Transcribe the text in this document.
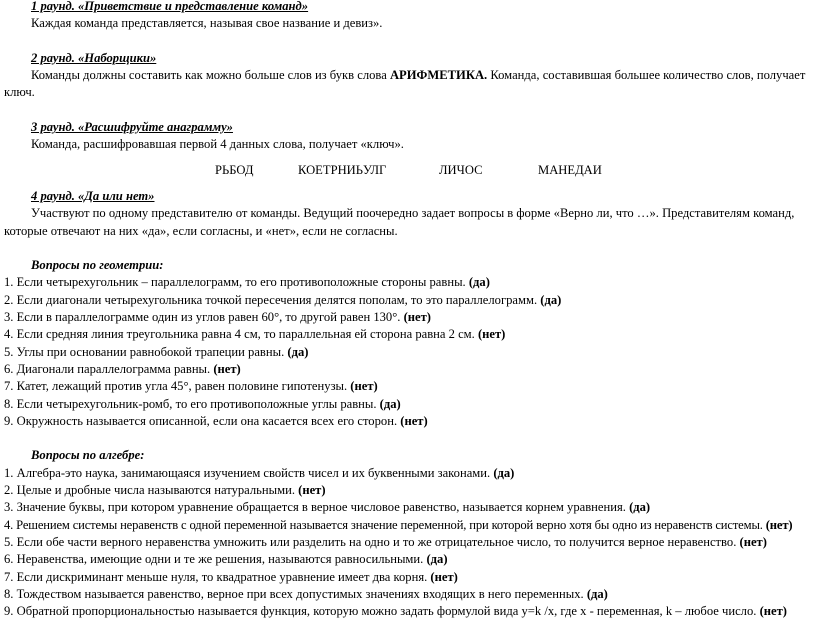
1 раунд. «Приветствие и представление команд»
Каждая команда представляется, называя свое название и девиз».
2 раунд. «Наборщики»
Команды должны составить как можно больше слов из букв слова АРИФМЕТИКА. Команда, составившая большее количество слов, получает
ключ.
3 раунд. «Расшифруйте анаграмму»
Команда, расшифровавшая первой 4 данных слова, получает «ключ».
РЬБОД	КОЕТРНИЬУЛГ	ЛИЧОС	МАНЕДАИ
4 раунд. «Да или нет»
Участвуют по одному представителю от команды. Ведущий поочередно задает вопросы в форме «Верно ли, что …». Представителям команд,
которые отвечают на них «да», если согласны, и «нет», если не согласны.
Вопросы по геометрии:
1. Если четырехугольник – параллелограмм, то его противоположные стороны равны. (да)
2. Если диагонали четырехугольника точкой пересечения делятся пополам, то это параллелограмм. (да)
3. Если в параллелограмме один из углов равен 60°, то другой равен 130°. (нет)
4. Если средняя линия треугольника равна 4 см, то параллельная ей сторона равна 2 см. (нет)
5. Углы при основании равнобокой трапеции равны. (да)
6. Диагонали параллелограмма равны. (нет)
7. Катет, лежащий против угла 45°, равен половине гипотенузы. (нет)
8. Если четырехугольник-ромб, то его противоположные углы равны. (да)
9. Окружность называется описанной, если она касается всех его сторон. (нет)
Вопросы по алгебре:
1. Алгебра-это наука, занимающаяся изучением свойств чисел и их буквенными законами. (да)
2. Целые и дробные числа называются натуральными. (нет)
3. Значение буквы, при котором уравнение обращается в верное числовое равенство, называется корнем уравнения. (да)
4. Решением системы неравенств с одной переменной называется значение переменной, при которой верно хотя бы одно из неравенств системы. (нет)
5. Если обе части верного неравенства умножить или разделить на одно и то же отрицательное число, то получится верное неравенство. (нет)
6. Неравенства, имеющие одни и те же решения, называются равносильными. (да)
7. Если дискриминант меньше нуля, то квадратное уравнение имеет два корня. (нет)
8. Тождеством называется равенство, верное при всех допустимых значениях входящих в него переменных. (да)
9. Обратной пропорциональностью называется функция, которую можно задать формулой вида y=k /x, где x - переменная, k – любое число. (нет)
